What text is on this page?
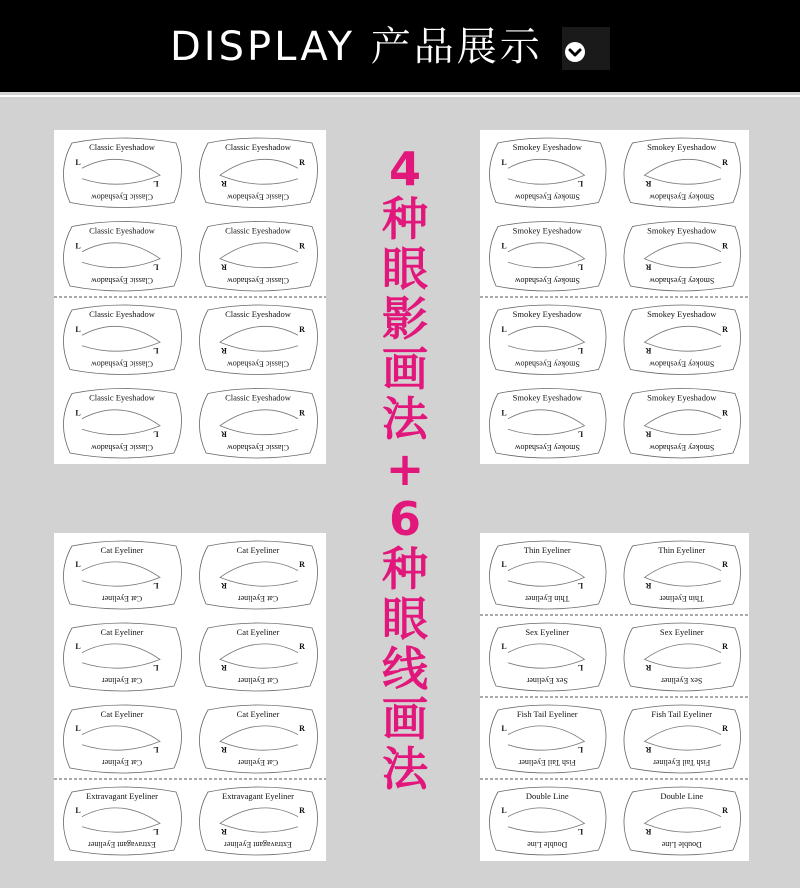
DISPLAY 产品展示
Classic Eyeshadow
Classic Eyeshadow
L
L
Classic Eyeshadow
Classic Eyeshadow
R
R
Classic Eyeshadow
Classic Eyeshadow
L
L
Classic Eyeshadow
Classic Eyeshadow
R
R
Classic Eyeshadow
Classic Eyeshadow
L
L
Classic Eyeshadow
Classic Eyeshadow
R
R
Classic Eyeshadow
Classic Eyeshadow
L
L
Classic Eyeshadow
Classic Eyeshadow
R
R
Smokey Eyeshadow
Smokey Eyeshadow
L
L
Smokey Eyeshadow
Smokey Eyeshadow
R
R
Smokey Eyeshadow
Smokey Eyeshadow
L
L
Smokey Eyeshadow
Smokey Eyeshadow
R
R
Smokey Eyeshadow
Smokey Eyeshadow
L
L
Smokey Eyeshadow
Smokey Eyeshadow
R
R
Smokey Eyeshadow
Smokey Eyeshadow
L
L
Smokey Eyeshadow
Smokey Eyeshadow
R
R
Cat Eyeliner
Cat Eyeliner
L
L
Cat Eyeliner
Cat Eyeliner
R
R
Cat Eyeliner
Cat Eyeliner
L
L
Cat Eyeliner
Cat Eyeliner
R
R
Cat Eyeliner
Cat Eyeliner
L
L
Cat Eyeliner
Cat Eyeliner
R
R
Extravagant Eyeliner
Extravagant Eyeliner
L
L
Extravagant Eyeliner
Extravagant Eyeliner
R
R
Thin Eyeliner
Thin Eyeliner
L
L
Thin Eyeliner
Thin Eyeliner
R
R
Sex Eyeliner
Sex Eyeliner
L
L
Sex Eyeliner
Sex Eyeliner
R
R
Fish Tail Eyeliner
Fish Tail Eyeliner
L
L
Fish Tail Eyeliner
Fish Tail Eyeliner
R
R
Double Line
Double Line
L
L
Double Line
Double Line
R
R
4
种
眼
影
画
法
+
6
种
眼
线
画
法
